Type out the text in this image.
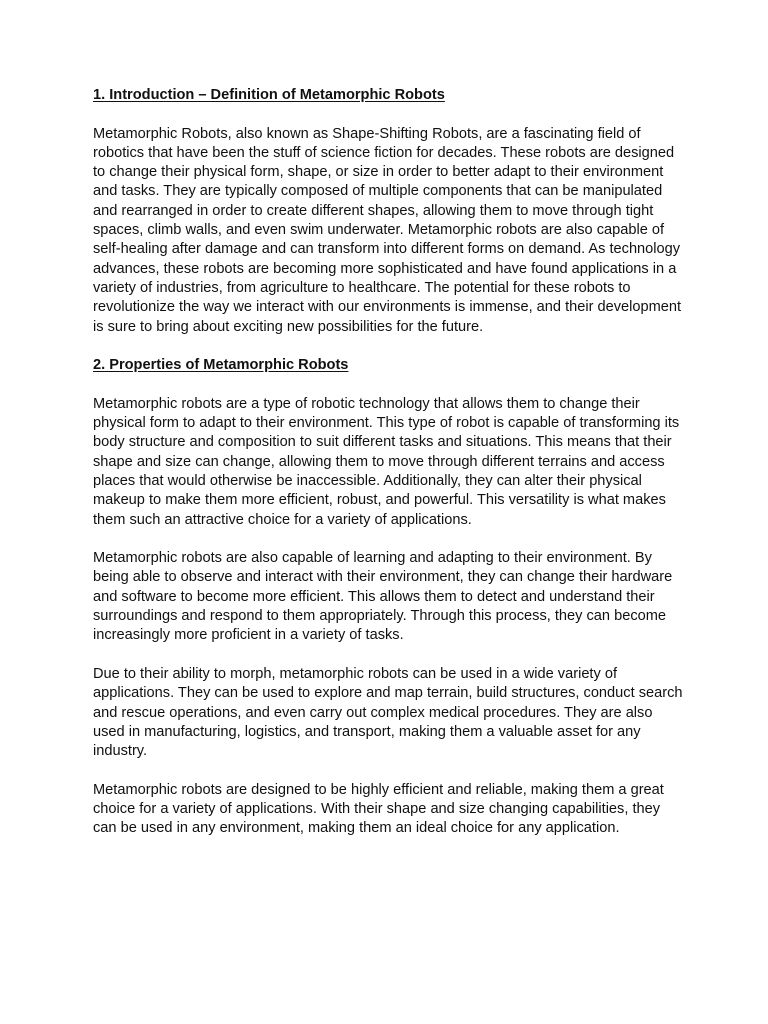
1. Introduction – Definition of Metamorphic Robots

Metamorphic Robots, also known as Shape-Shifting Robots, are a fascinating field of robotics that have been the stuff of science fiction for decades. These robots are designed to change their physical form, shape, or size in order to better adapt to their environment and tasks. They are typically composed of multiple components that can be manipulated and rearranged in order to create different shapes, allowing them to move through tight spaces, climb walls, and even swim underwater. Metamorphic robots are also capable of self-healing after damage and can transform into different forms on demand. As technology advances, these robots are becoming more sophisticated and have found applications in a variety of industries, from agriculture to healthcare. The potential for these robots to revolutionize the way we interact with our environments is immense, and their development is sure to bring about exciting new possibilities for the future.

2. Properties of Metamorphic Robots

Metamorphic robots are a type of robotic technology that allows them to change their physical form to adapt to their environment. This type of robot is capable of transforming its body structure and composition to suit different tasks and situations. This means that their shape and size can change, allowing them to move through different terrains and access places that would otherwise be inaccessible. Additionally, they can alter their physical makeup to make them more efficient, robust, and powerful. This versatility is what makes them such an attractive choice for a variety of applications.

Metamorphic robots are also capable of learning and adapting to their environment. By being able to observe and interact with their environment, they can change their hardware and software to become more efficient. This allows them to detect and understand their surroundings and respond to them appropriately. Through this process, they can become increasingly more proficient in a variety of tasks.

Due to their ability to morph, metamorphic robots can be used in a wide variety of applications. They can be used to explore and map terrain, build structures, conduct search and rescue operations, and even carry out complex medical procedures. They are also used in manufacturing, logistics, and transport, making them a valuable asset for any industry.

Metamorphic robots are designed to be highly efficient and reliable, making them a great choice for a variety of applications. With their shape and size changing capabilities, they can be used in any environment, making them an ideal choice for any application.
